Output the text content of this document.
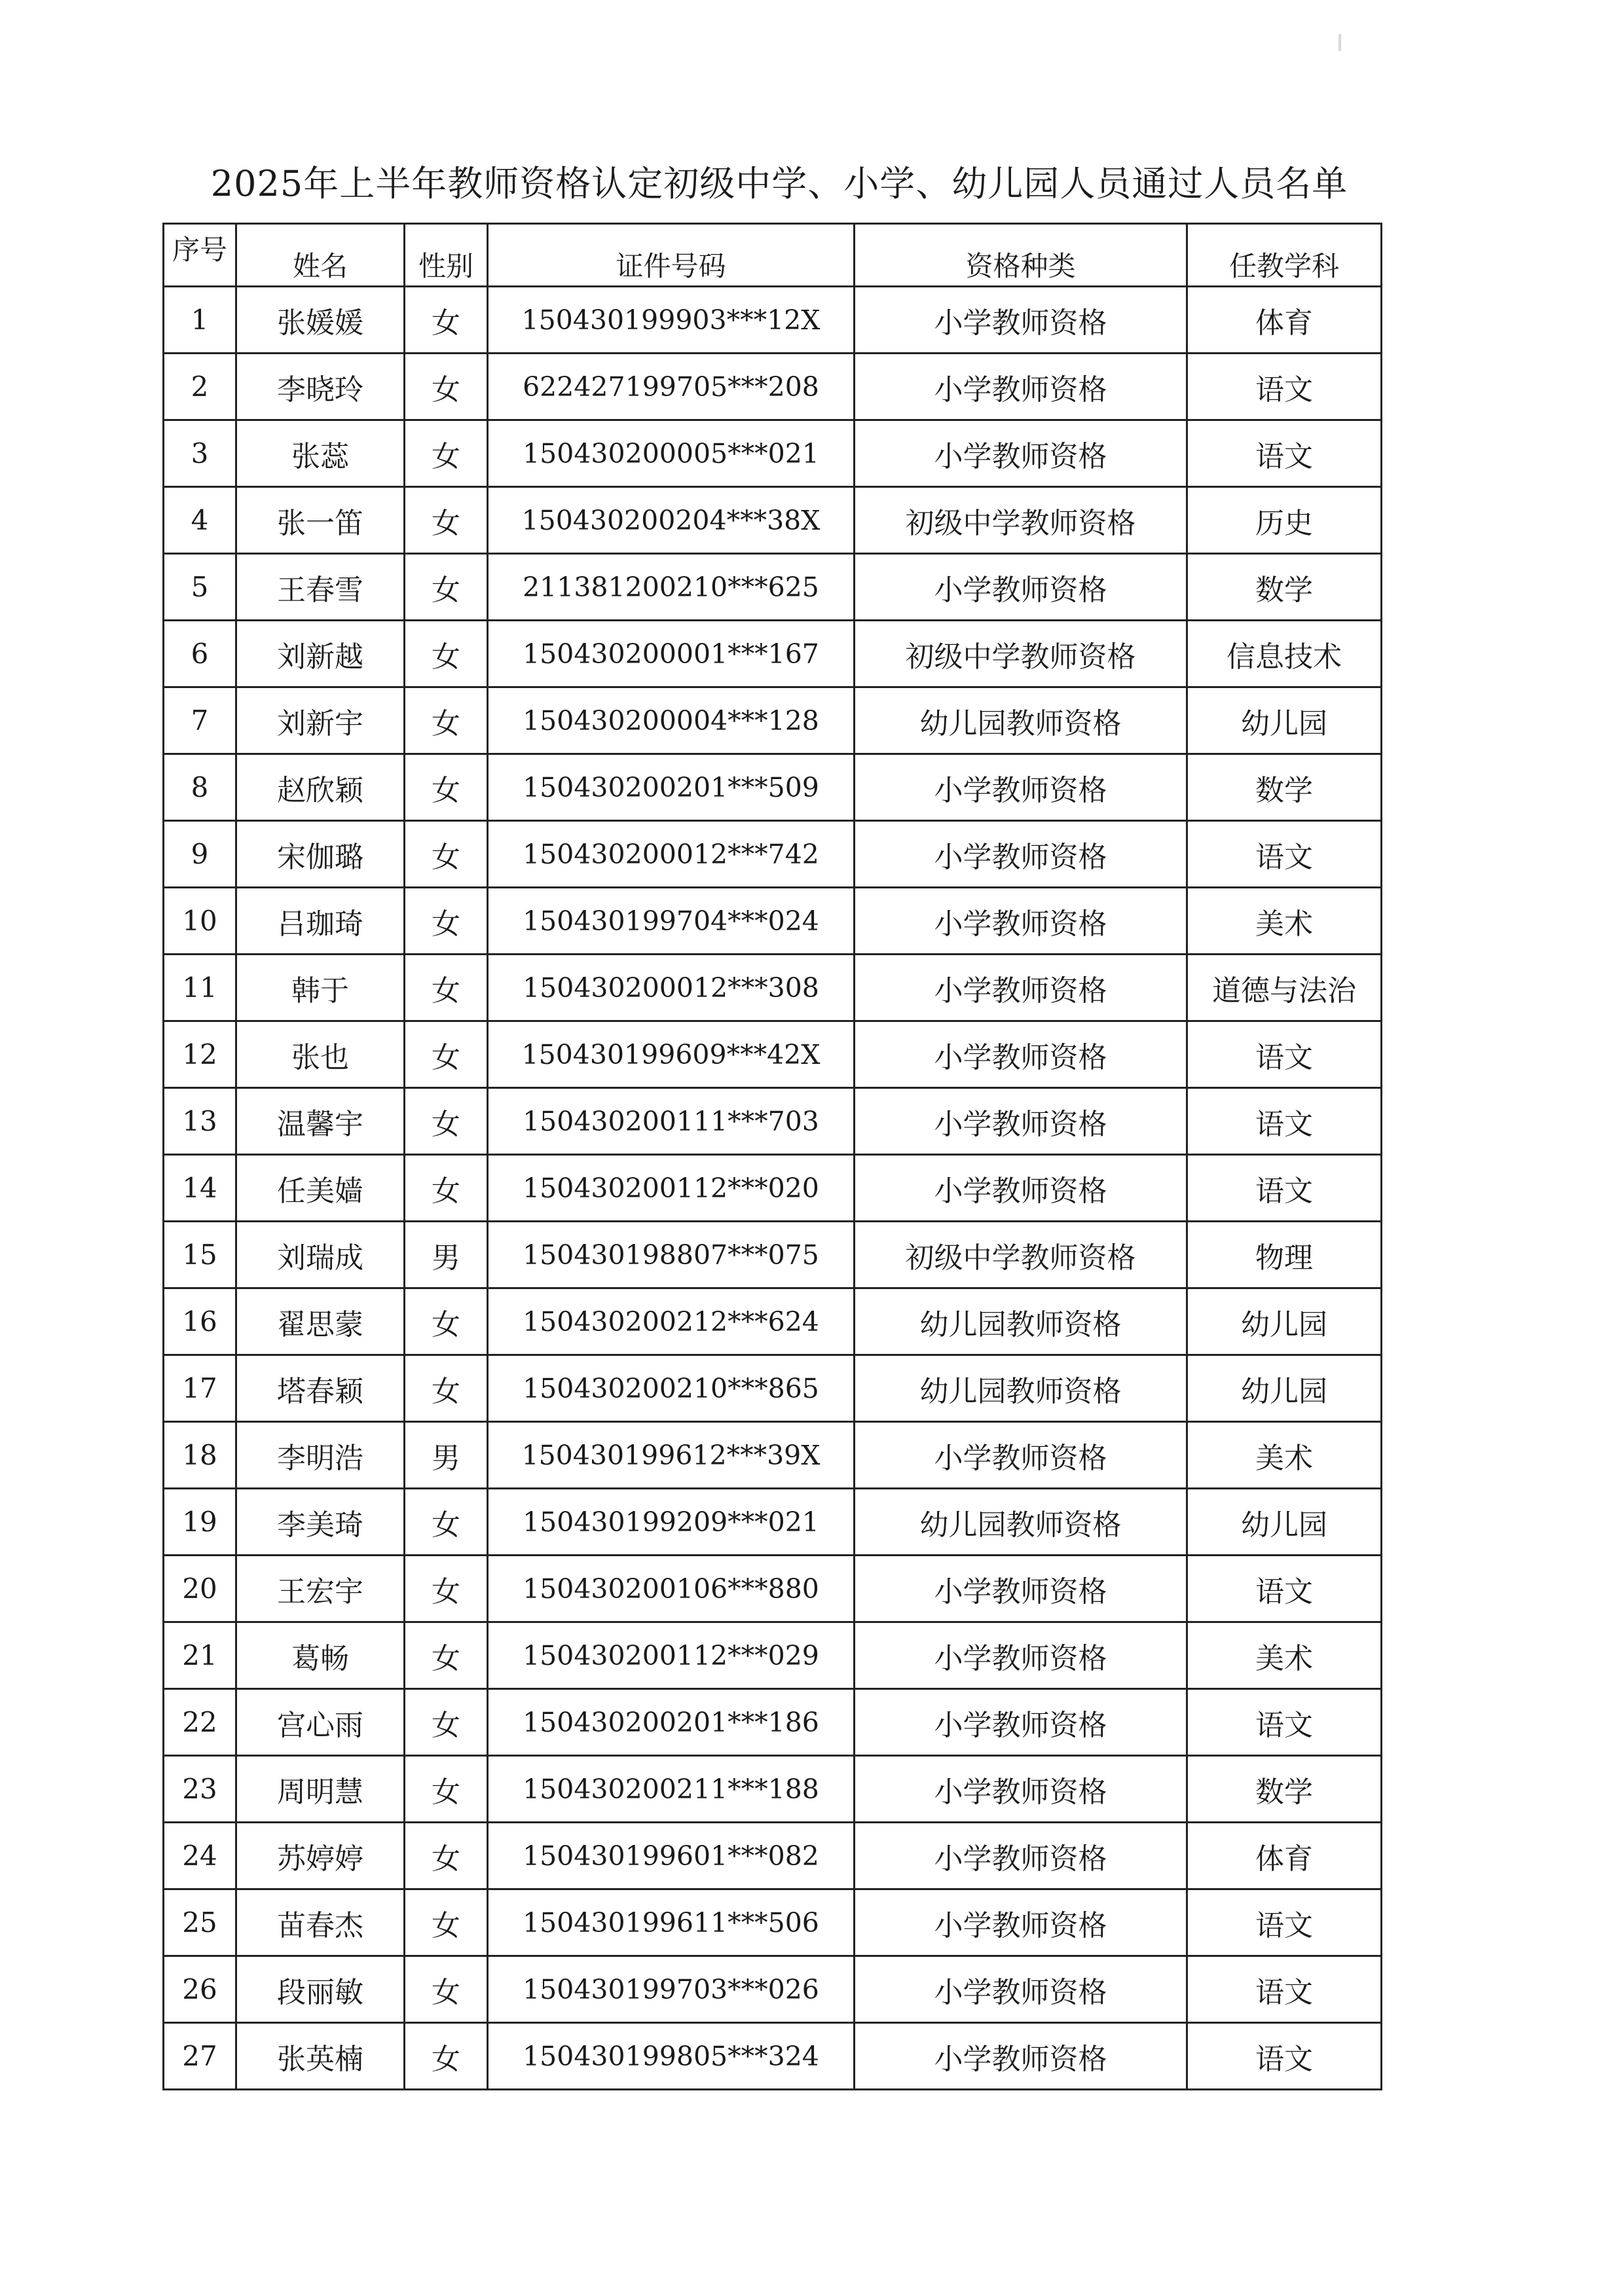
2025年上半年教师资格认定初级中学、小学、幼儿园人员通过人员名单
序号	姓名	性别	证件号码	资格种类	任教学科
1	张媛媛	女	150430199903***12X	小学教师资格	体育
2	李晓玲	女	622427199705***208	小学教师资格	语文
3	张蕊	女	150430200005***021	小学教师资格	语文
4	张一笛	女	150430200204***38X	初级中学教师资格	历史
5	王春雪	女	211381200210***625	小学教师资格	数学
6	刘新越	女	150430200001***167	初级中学教师资格	信息技术
7	刘新宇	女	150430200004***128	幼儿园教师资格	幼儿园
8	赵欣颖	女	150430200201***509	小学教师资格	数学
9	宋伽璐	女	150430200012***742	小学教师资格	语文
10	吕珈琦	女	150430199704***024	小学教师资格	美术
11	韩于	女	150430200012***308	小学教师资格	道德与法治
12	张也	女	150430199609***42X	小学教师资格	语文
13	温馨宇	女	150430200111***703	小学教师资格	语文
14	任美嫱	女	150430200112***020	小学教师资格	语文
15	刘瑞成	男	150430198807***075	初级中学教师资格	物理
16	翟思蒙	女	150430200212***624	幼儿园教师资格	幼儿园
17	塔春颖	女	150430200210***865	幼儿园教师资格	幼儿园
18	李明浩	男	150430199612***39X	小学教师资格	美术
19	李美琦	女	150430199209***021	幼儿园教师资格	幼儿园
20	王宏宇	女	150430200106***880	小学教师资格	语文
21	葛畅	女	150430200112***029	小学教师资格	美术
22	宫心雨	女	150430200201***186	小学教师资格	语文
23	周明慧	女	150430200211***188	小学教师资格	数学
24	苏婷婷	女	150430199601***082	小学教师资格	体育
25	苗春杰	女	150430199611***506	小学教师资格	语文
26	段丽敏	女	150430199703***026	小学教师资格	语文
27	张英楠	女	150430199805***324	小学教师资格	语文
